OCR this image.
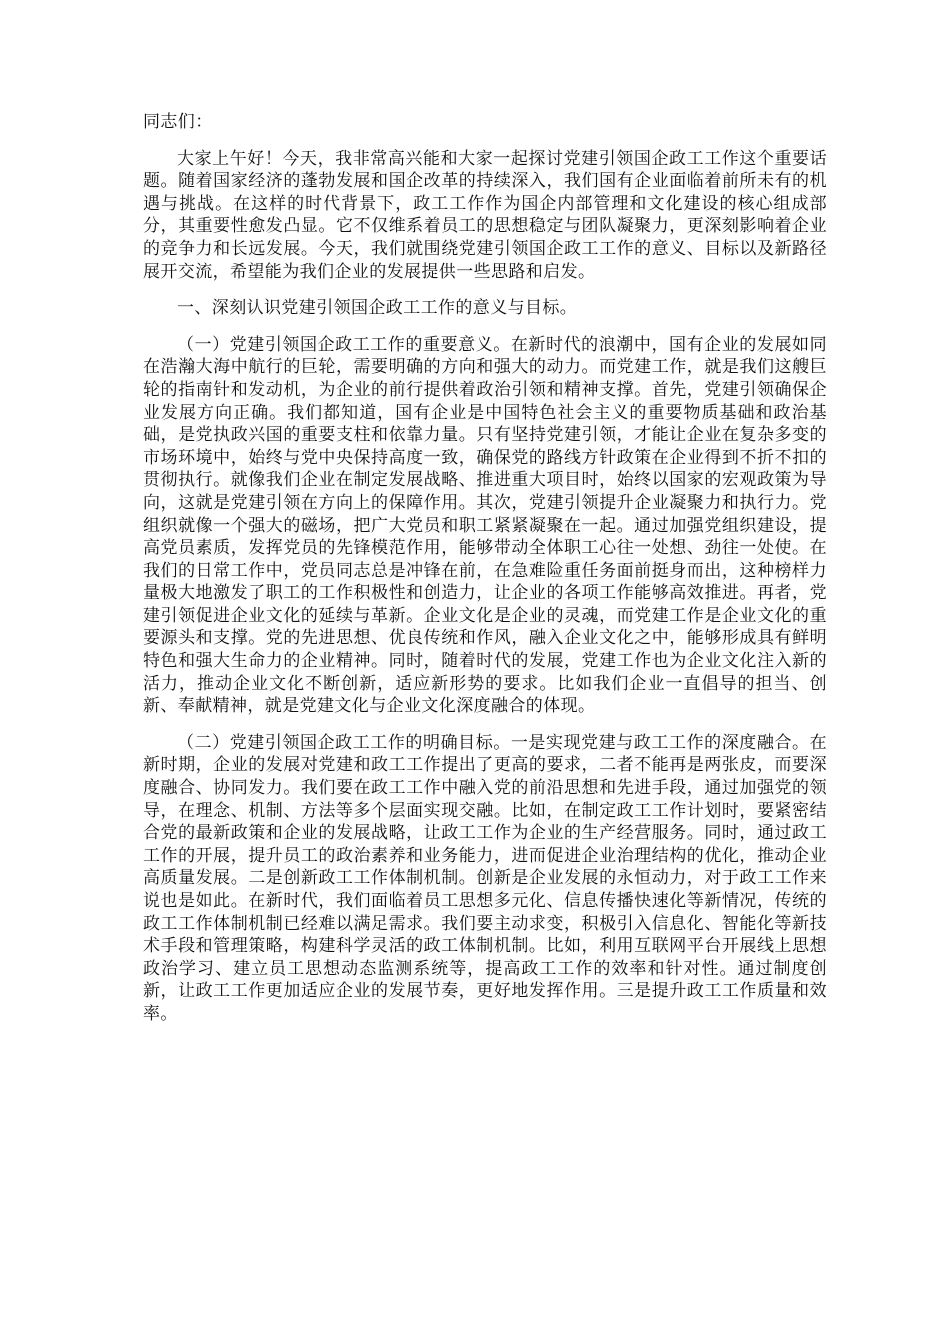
同志们：

大家上午好！今天，我非常高兴能和大家一起探讨党建引领国企政工工作这个重要话题。随着国家经济的蓬勃发展和国企改革的持续深入，我们国有企业面临着前所未有的机遇与挑战。在这样的时代背景下，政工工作作为国企内部管理和文化建设的核心组成部分，其重要性愈发凸显。它不仅维系着员工的思想稳定与团队凝聚力，更深刻影响着企业的竞争力和长远发展。今天，我们就围绕党建引领国企政工工作的意义、目标以及新路径展开交流，希望能为我们企业的发展提供一些思路和启发。

一、深刻认识党建引领国企政工工作的意义与目标。

（一）党建引领国企政工工作的重要意义。在新时代的浪潮中，国有企业的发展如同在浩瀚大海中航行的巨轮，需要明确的方向和强大的动力。而党建工作，就是我们这艘巨轮的指南针和发动机，为企业的前行提供着政治引领和精神支撑。首先，党建引领确保企业发展方向正确。我们都知道，国有企业是中国特色社会主义的重要物质基础和政治基础，是党执政兴国的重要支柱和依靠力量。只有坚持党建引领，才能让企业在复杂多变的市场环境中，始终与党中央保持高度一致，确保党的路线方针政策在企业得到不折不扣的贯彻执行。就像我们企业在制定发展战略、推进重大项目时，始终以国家的宏观政策为导向，这就是党建引领在方向上的保障作用。其次，党建引领提升企业凝聚力和执行力。党组织就像一个强大的磁场，把广大党员和职工紧紧凝聚在一起。通过加强党组织建设，提高党员素质，发挥党员的先锋模范作用，能够带动全体职工心往一处想、劲往一处使。在我们的日常工作中，党员同志总是冲锋在前，在急难险重任务面前挺身而出，这种榜样力量极大地激发了职工的工作积极性和创造力，让企业的各项工作能够高效推进。再者，党建引领促进企业文化的延续与革新。企业文化是企业的灵魂，而党建工作是企业文化的重要源头和支撑。党的先进思想、优良传统和作风，融入企业文化之中，能够形成具有鲜明特色和强大生命力的企业精神。同时，随着时代的发展，党建工作也为企业文化注入新的活力，推动企业文化不断创新，适应新形势的要求。比如我们企业一直倡导的担当、创新、奉献精神，就是党建文化与企业文化深度融合的体现。

（二）党建引领国企政工工作的明确目标。一是实现党建与政工工作的深度融合。在新时期，企业的发展对党建和政工工作提出了更高的要求，二者不能再是两张皮，而要深度融合、协同发力。我们要在政工工作中融入党的前沿思想和先进手段，通过加强党的领导，在理念、机制、方法等多个层面实现交融。比如，在制定政工工作计划时，要紧密结合党的最新政策和企业的发展战略，让政工工作为企业的生产经营服务。同时，通过政工工作的开展，提升员工的政治素养和业务能力，进而促进企业治理结构的优化，推动企业高质量发展。二是创新政工工作体制机制。创新是企业发展的永恒动力，对于政工工作来说也是如此。在新时代，我们面临着员工思想多元化、信息传播快速化等新情况，传统的政工工作体制机制已经难以满足需求。我们要主动求变，积极引入信息化、智能化等新技术手段和管理策略，构建科学灵活的政工体制机制。比如，利用互联网平台开展线上思想政治学习、建立员工思想动态监测系统等，提高政工工作的效率和针对性。通过制度创新，让政工工作更加适应企业的发展节奏，更好地发挥作用。三是提升政工工作质量和效率。
